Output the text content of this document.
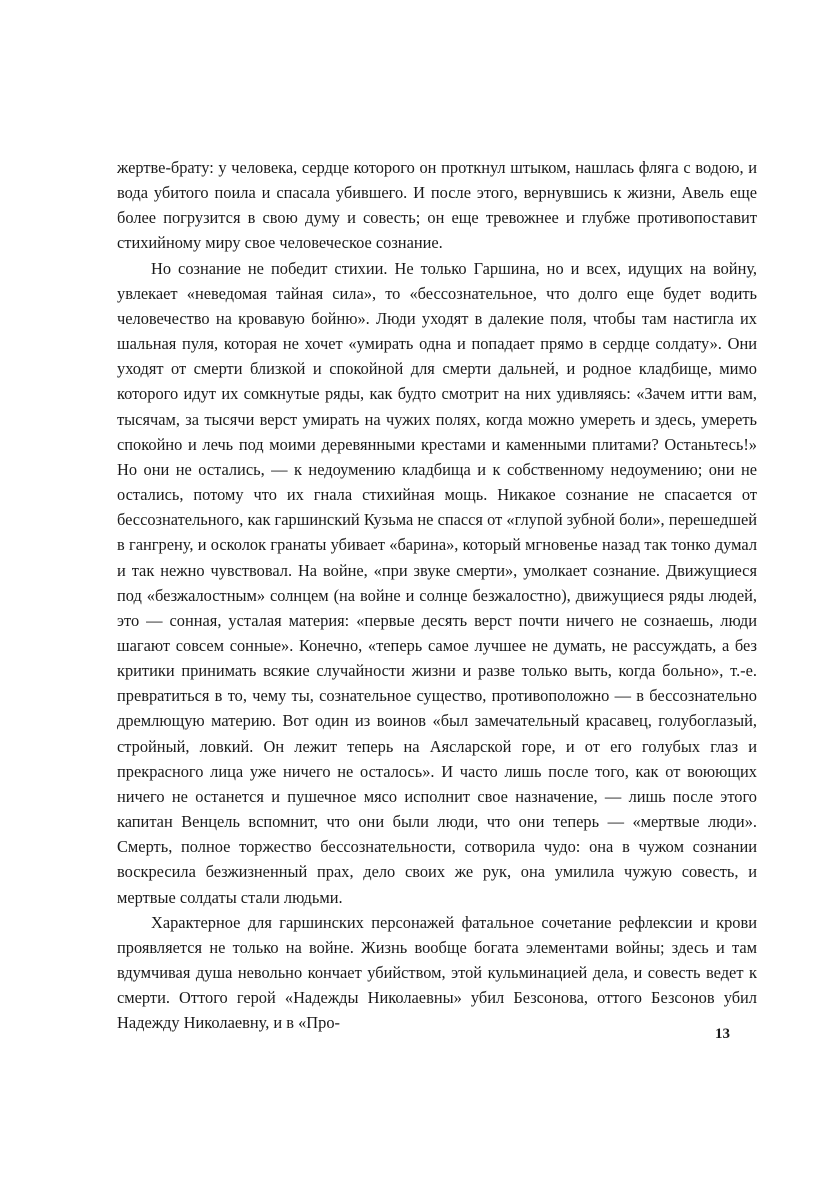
жертве-брату: у человека, сердце которого он проткнул штыком, нашлась фляга с водою, и вода убитого поила и спасала убившего. И после этого, вернувшись к жизни, Авель еще более погрузится в свою думу и совесть; он еще тревожнее и глубже противопоставит стихийному миру свое человеческое сознание.

Но сознание не победит стихии. Не только Гаршина, но и всех, идущих на войну, увлекает «неведомая тайная сила», то «бессознательное, что долго еще будет водить человечество на кровавую бойню». Люди уходят в далекие поля, чтобы там настигла их шальная пуля, которая не хочет «умирать одна и попадает прямо в сердце солдату». Они уходят от смерти близкой и спокойной для смерти дальней, и родное кладбище, мимо которого идут их сомкнутые ряды, как будто смотрит на них удивляясь: «Зачем итти вам, тысячам, за тысячи верст умирать на чужих полях, когда можно умереть и здесь, умереть спокойно и лечь под моими деревянными крестами и каменными плитами? Останьтесь!» Но они не остались, — к недоумению кладбища и к собственному недоумению; они не остались, потому что их гнала стихийная мощь. Никакое сознание не спасается от бессознательного, как гаршинский Кузьма не спасся от «глупой зубной боли», перешедшей в гангрену, и осколок гранаты убивает «барина», который мгновенье назад так тонко думал и так нежно чувствовал. На войне, «при звуке смерти», умолкает сознание. Движущиеся под «безжалостным» солнцем (на войне и солнце безжалостно), движущиеся ряды людей, это — сонная, усталая материя: «первые десять верст почти ничего не сознаешь, люди шагают совсем сонные». Конечно, «теперь самое лучшее не думать, не рассуждать, а без критики принимать всякие случайности жизни и разве только выть, когда больно», т.-е. превратиться в то, чему ты, сознательное существо, противоположно — в бессознательно дремлющую материю. Вот один из воинов «был замечательный красавец, голубоглазый, стройный, ловкий. Он лежит теперь на Аясларской горе, и от его голубых глаз и прекрасного лица уже ничего не осталось». И часто лишь после того, как от воюющих ничего не останется и пушечное мясо исполнит свое назначение, — лишь после этого капитан Венцель вспомнит, что они были люди, что они теперь — «мертвые люди». Смерть, полное торжество бессознательности, сотворила чудо: она в чужом сознании воскресила безжизненный прах, дело своих же рук, она умилила чужую совесть, и мертвые солдаты стали людьми.

Характерное для гаршинских персонажей фатальное сочетание рефлексии и крови проявляется не только на войне. Жизнь вообще богата элементами войны; здесь и там вдумчивая душа невольно кончает убийством, этой кульминацией дела, и совесть ведет к смерти. Оттого герой «Надежды Николаевны» убил Безсонова, оттого Безсонов убил Надежду Николаевну, и в «Про-

13
